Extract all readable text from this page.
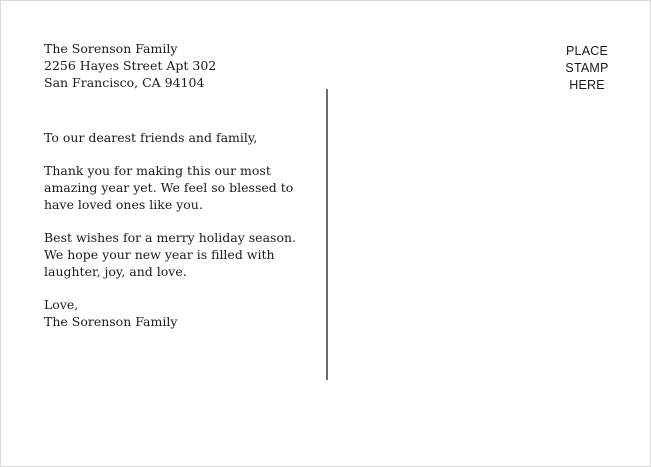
The Sorenson Family
2256 Hayes Street Apt 302
San Francisco, CA 94104

To our dearest friends and family,

Thank you for making this our most amazing year yet. We feel so blessed to have loved ones like you.

Best wishes for a merry holiday season. We hope your new year is filled with laughter, joy, and love.

Love,
The Sorenson Family

PLACE
STAMP
HERE
